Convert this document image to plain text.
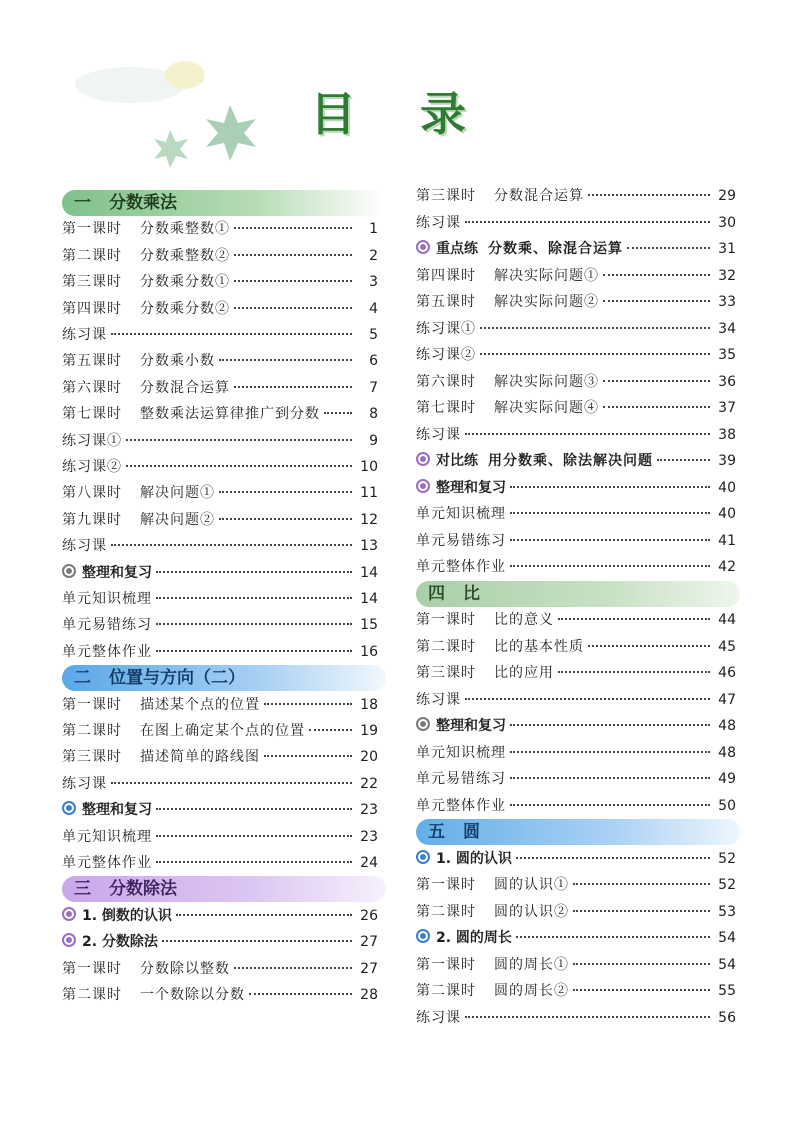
目 录
一 分数乘法
第一课时 分数乘整数①	1
第二课时 分数乘整数②	2
第三课时 分数乘分数①	3
第四课时 分数乘分数②	4
练习课	5
第五课时 分数乘小数	6
第六课时 分数混合运算	7
第七课时 整数乘法运算律推广到分数	8
练习课①	9
练习课②	10
第八课时 解决问题①	11
第九课时 解决问题②	12
练习课	13
整理和复习	14
单元知识梳理	14
单元易错练习	15
单元整体作业	16
二 位置与方向（二）
第一课时 描述某个点的位置	18
第二课时 在图上确定某个点的位置	19
第三课时 描述简单的路线图	20
练习课	22
整理和复习	23
单元知识梳理	23
单元整体作业	24
三 分数除法
1. 倒数的认识	26
2. 分数除法	27
第一课时 分数除以整数	27
第二课时 一个数除以分数	28
第三课时 分数混合运算	29
练习课	30
重点练 分数乘、除混合运算	31
第四课时 解决实际问题①	32
第五课时 解决实际问题②	33
练习课①	34
练习课②	35
第六课时 解决实际问题③	36
第七课时 解决实际问题④	37
练习课	38
对比练 用分数乘、除法解决问题	39
整理和复习	40
单元知识梳理	40
单元易错练习	41
单元整体作业	42
四 比
第一课时 比的意义	44
第二课时 比的基本性质	45
第三课时 比的应用	46
练习课	47
整理和复习	48
单元知识梳理	48
单元易错练习	49
单元整体作业	50
五 圆
1. 圆的认识	52
第一课时 圆的认识①	52
第二课时 圆的认识②	53
2. 圆的周长	54
第一课时 圆的周长①	54
第二课时 圆的周长②	55
练习课	56
